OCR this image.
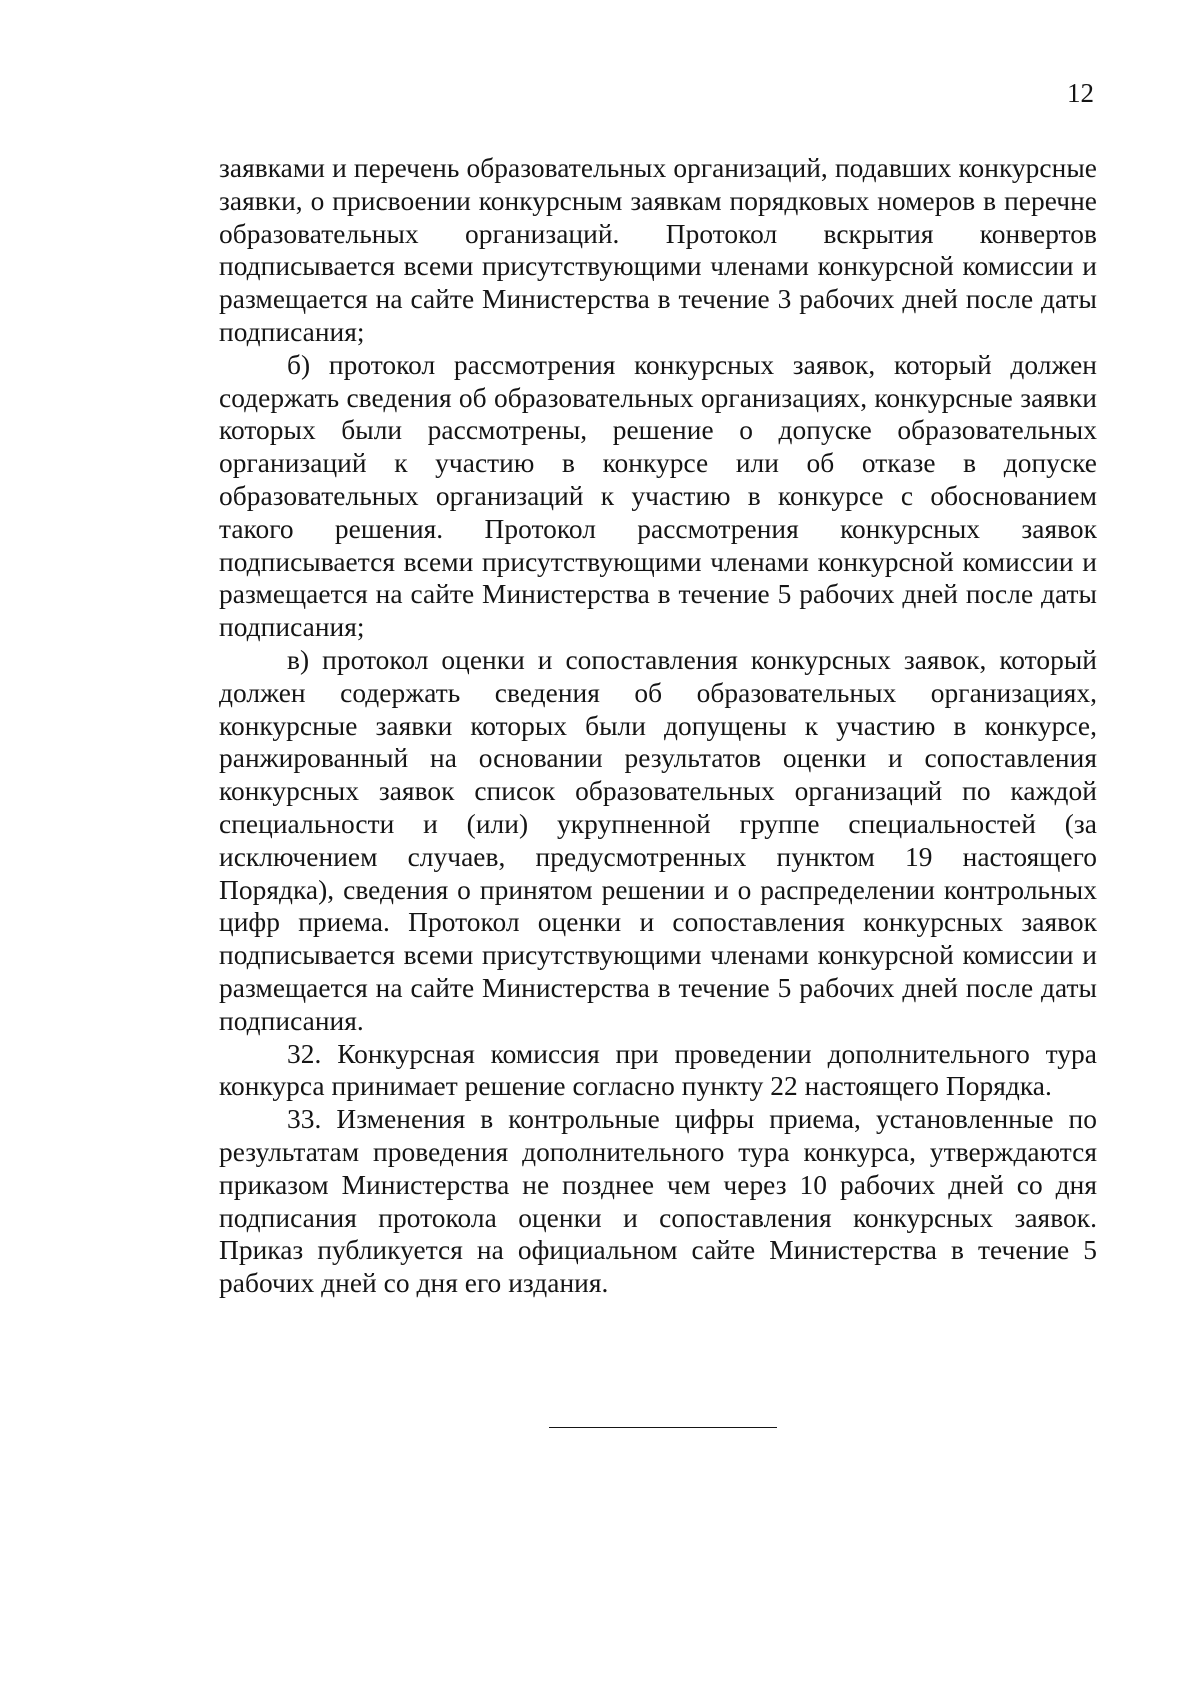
12

заявками и перечень образовательных организаций, подавших конкурсные заявки, о присвоении конкурсным заявкам порядковых номеров в перечне образовательных организаций. Протокол вскрытия конвертов подписывается всеми присутствующими членами конкурсной комиссии и размещается на сайте Министерства в течение 3 рабочих дней после даты подписания;

б) протокол рассмотрения конкурсных заявок, который должен содержать сведения об образовательных организациях, конкурсные заявки которых были рассмотрены, решение о допуске образовательных организаций к участию в конкурсе или об отказе в допуске образовательных организаций к участию в конкурсе с обоснованием такого решения. Протокол рассмотрения конкурсных заявок подписывается всеми присутствующими членами конкурсной комиссии и размещается на сайте Министерства в течение 5 рабочих дней после даты подписания;

в) протокол оценки и сопоставления конкурсных заявок, который должен содержать сведения об образовательных организациях, конкурсные заявки которых были допущены к участию в конкурсе, ранжированный на основании результатов оценки и сопоставления конкурсных заявок список образовательных организаций по каждой специальности и (или) укрупненной группе специальностей (за исключением случаев, предусмотренных пунктом 19 настоящего Порядка), сведения о принятом решении и о распределении контрольных цифр приема. Протокол оценки и сопоставления конкурсных заявок подписывается всеми присутствующими членами конкурсной комиссии и размещается на сайте Министерства в течение 5 рабочих дней после даты подписания.

32. Конкурсная комиссия при проведении дополнительного тура конкурса принимает решение согласно пункту 22 настоящего Порядка.

33. Изменения в контрольные цифры приема, установленные по результатам проведения дополнительного тура конкурса, утверждаются приказом Министерства не позднее чем через 10 рабочих дней со дня подписания протокола оценки и сопоставления конкурсных заявок. Приказ публикуется на официальном сайте Министерства в течение 5 рабочих дней со дня его издания.
